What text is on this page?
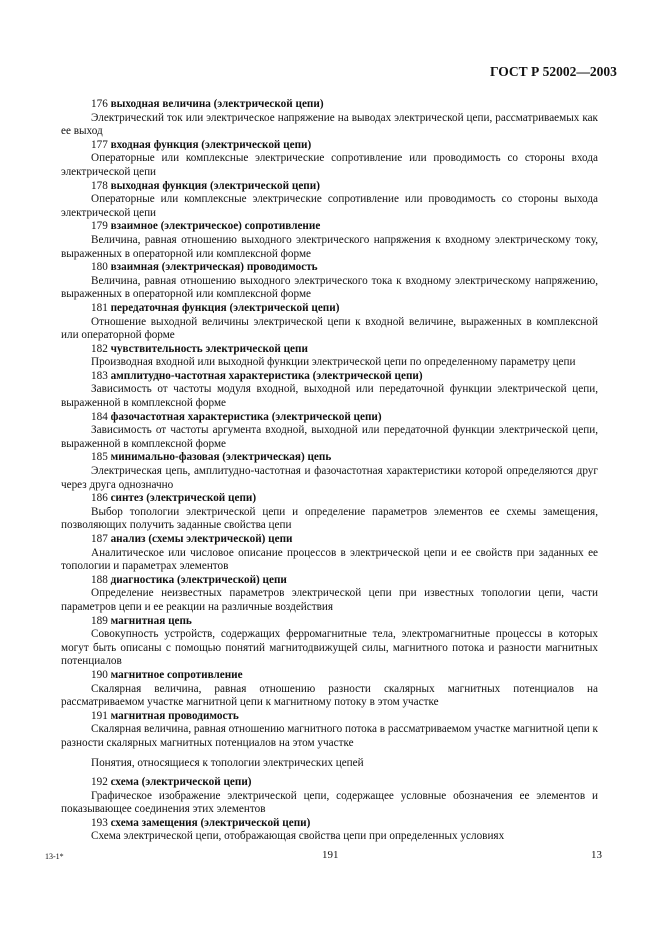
ГОСТ Р 52002—2003

176 выходная величина (электрической цепи)

Электрический ток или электрическое напряжение на выводах электрической цепи, рассматриваемых как ее выход

177 входная функция (электрической цепи)

Операторные или комплексные электрические сопротивление или проводимость со стороны входа электрической цепи

178 выходная функция (электрической цепи)

Операторные или комплексные электрические сопротивление или проводимость со стороны выхода электрической цепи

179 взаимное (электрическое) сопротивление

Величина, равная отношению выходного электрического напряжения к входному электрическому току, выраженных в операторной или комплексной форме

180 взаимная (электрическая) проводимость

Величина, равная отношению выходного электрического тока к входному электрическому напряжению, выраженных в операторной или комплексной форме

181 передаточная функция (электрической цепи)

Отношение выходной величины электрической цепи к входной величине, выраженных в комплексной или операторной форме

182 чувствительность электрической цепи

Производная входной или выходной функции электрической цепи по определенному параметру цепи

183 амплитудно-частотная характеристика (электрической цепи)

Зависимость от частоты модуля входной, выходной или передаточной функции электрической цепи, выраженной в комплексной форме

184 фазочастотная характеристика (электрической цепи)

Зависимость от частоты аргумента входной, выходной или передаточной функции электрической цепи, выраженной в комплексной форме

185 минимально-фазовая (электрическая) цепь

Электрическая цепь, амплитудно-частотная и фазочастотная характеристики которой определяются друг через друга однозначно

186 синтез (электрической цепи)

Выбор топологии электрической цепи и определение параметров элементов ее схемы замещения, позволяющих получить заданные свойства цепи

187 анализ (схемы электрической) цепи

Аналитическое или числовое описание процессов в электрической цепи и ее свойств при заданных ее топологии и параметрах элементов

188 диагностика (электрической) цепи

Определение неизвестных параметров электрической цепи при известных топологии цепи, части параметров цепи и ее реакции на различные воздействия

189 магнитная цепь

Совокупность устройств, содержащих ферромагнитные тела, электромагнитные процессы в которых могут быть описаны с помощью понятий магнитодвижущей силы, магнитного потока и разности магнитных потенциалов

190 магнитное сопротивление

Скалярная величина, равная отношению разности скалярных магнитных потенциалов на рассматриваемом участке магнитной цепи к магнитному потоку в этом участке

191 магнитная проводимость

Скалярная величина, равная отношению магнитного потока в рассматриваемом участке магнитной цепи к разности скалярных магнитных потенциалов на этом участке

Понятия, относящиеся к топологии электрических цепей

192 схема (электрической цепи)

Графическое изображение электрической цепи, содержащее условные обозначения ее элементов и показывающее соединения этих элементов

193 схема замещения (электрической цепи)

Схема электрической цепи, отображающая свойства цепи при определенных условиях

13-1*	191	13
